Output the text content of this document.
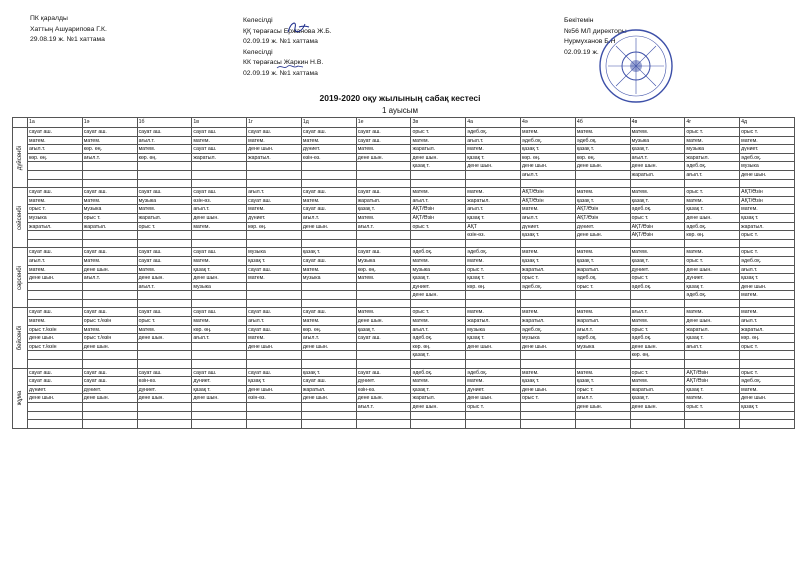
ПК қаралды
Хаттың Ашуарипова Г.К.
29.08.19 ж. №1 хаттама
Келесілді
ҚҚ төрағасы Ержанова Ж.Б.
02.09.19 ж. №1 хаттама
Келесілді
КК төрағасы Жаркин Н.В.
02.09.19 ж. №1 хаттама
Бекітемін
№56 МЛ директоры
Нурмуханов Б.Н
02.09.19 ж.
2019-2020 оқу жылының сабақ кестесі
1 ауысым
	1а	1ә	1б	1в	1г	1д	1е	3в	4а	4ә	4б	4в	4г	4д

дүйсенбі	сауат аш.	сауат аш.	сауат аш.	сауат аш.	сауат аш.	сауат аш.	сауат аш.	орыс т.	әдеб.оқ.	матем.	матем.	матем.	орыс т.	орыс т.
	матем.	матем.	ағыл.т.	матем.	матем.	матем.	сауат аш.	матем.	ағыл.т.	әдеб.оқ.	әдеб.оқ.	музыка	матем.	матем.
	ағыл.т.	көр. өң.	матем.	сауат аш.	дене шын.	дүниет.	матем.	жаратыл.	матем.	қазақ т.	қазақ т.	қазақ т.	музыка	дүниет.
	көр. өң.	ағыл.т.	көр. өң.	жаратыл.	жаратыл.	өзін-өз.	дене шын.	дене шын.	қазақ т.	көр. өң.	көр. өң.	ағыл.т.	жаратыл.	әдеб.оқ.
								қазақ т.	дене шын.	дене шын.	дене шын.	дене шын.	әдеб.оқ.	музыка
										ағыл.т.		жаратыл.	ағыл.т.	дене шын.

сейсенбі	сауат аш.	сауат аш.	сауат аш.	сауат аш.	ағыл.т.	сауат аш.	сауат аш.	матем.	матем.	АҚТ/Өзін	матем.	матем.	орыс т.	АҚТ/Өзін
	матем.	матем.	музыка	өзін-өз.	сауат аш.	матем.	жаратыл.	ағыл.т.	жаратыл.	АҚТ/Өзін	қазақ т.	қазақ т.	матем.	АҚТ/Өзін
	орыс т.	музыка	матем.	ағыл.т.	матем.	сауат аш.	қазақ т.	АҚТ/Өзін	ағыл.т.	матем.	АҚТ/Өзін	әдеб.оқ.	қазақ т.	матем.
	музыка	орыс т.	жаратыл.	дене шын.	дүниет.	ағыл.т.	матем.	АҚТ/Өзін	қазақ т.	ағыл.т.	АҚТ/Өзін	орыс т.	дене шын.	қазақ т.
	жаратыл.	жаратыл.	орыс т.	матем.	көр. өң.	дене шын.	ағыл.т.	орыс т.	АҚТ	дүниет.	дүниет.	АҚТ/Өзін	әдеб.оқ.	жаратыл.
									өзін-өз.	қазақ т.	дене шын.	АҚТ/Өзін	көр. өң.	орыс т.

сәрсенбі	сауат аш.	сауат аш.	сауат аш.	сауат аш.	музыка	қазақ т.	сауат аш.	әдеб.оқ.	әдеб.оқ.	матем.	матем.	матем.	матем.	орыс т.
	ағыл.т.	матем.	сауат аш.	матем.	қазақ т.	сауат аш.	музыка	матем.	матем.	қазақ т.	қазақ т.	қазақ т.	орыс т.	әдеб.оқ.
	матем.	дене шын.	матем.	қазақ т.	сауат аш.	матем.	көр. өң.	музыка	орыс т.	жаратыл.	жаратыл.	дүниет.	дене шын.	ағыл.т.
	дене шын.	ағыл.т.	дене шын.	дене шын.	матем.	музыка	матем.	қазақ т.	қазақ т.	орыс т.	әдеб.оқ.	орыс т.	дүниет.	қазақ т.
			ағыл.т.	музыка				дүниет.	көр. өң.	әдеб.оқ.	орыс т.	әдеб.оқ.	қазақ т.	дене шын.
								дене шын.					әдеб.оқ.	матем.

бейсенбі	сауат аш.	сауат аш.	сауат аш.	сауат аш.	сауат аш.	сауат аш.	матем.	орыс т.	матем.	матем.	матем.	ағыл.т.	матем.	матем.
	матем.	орыс т./өзін	орыс т.	матем.	ағыл.т.	матем.	дене шын.	матем.	жаратыл.	жаратыл.	жаратыл.	матем.	дене шын.	ағыл.т.
	орыс т./өзін	матем.	матем.	көр. өң.	сауат аш.	көр. өң.	қазақ т.	ағыл.т.	музыка	әдеб.оқ.	ағыл.т.	орыс т.	жаратыл.	жаратыл.
	дене шын.	орыс т./өзін	дене шын.	ағыл.т.	матем.	ағыл.т.	сауат аш.	әдеб.оқ.	қазақ т.	музыка	әдеб.оқ.	әдеб.оқ.	қазақ т.	көр. өң.
	орыс т./өзін	дене шын.			дене шын.	дене шын.		көр. өң.	дене шын.	дене шын.	музыка	дене шын.	ағыл.т.	орыс т.
								қазақ т.				көр. өң.		

жұма	сауат аш.	сауат аш.	сауат аш.	сауат аш.	сауат аш.	қазақ т.	сауат аш.	әдеб.оқ.	әдеб.оқ.	матем.	матем.	орыс т.	АҚТ/Өзін	орыс т.
	сауат аш.	сауат аш.	өзін-өз.	дүниет.	қазақ т.	сауат аш.	дүниет.	матем.	матем.	қазақ т.	қазақ т.	матем.	АҚТ/Өзін	әдеб.оқ.
	дүниет.	дүниет.	дүниет.	қазақ т.	дене шын.	жаратыл.	өзін-өз.	қазақ т.	дүниет.	дене шын.	орыс т.	жаратыл.	қазақ т.	матем.
	дене шын.	дене шын.	дене шын.	дене шын.	өзін-өз.	дене шын.	дене шын.	жаратыл.	дене шын.	орыс т.	ағыл.т.	қазақ т.	матем.	дене шын.
							ағыл.т.	дене шын.	орыс т.		дене шын.	дене шын.	орыс т.	қазақ т.
